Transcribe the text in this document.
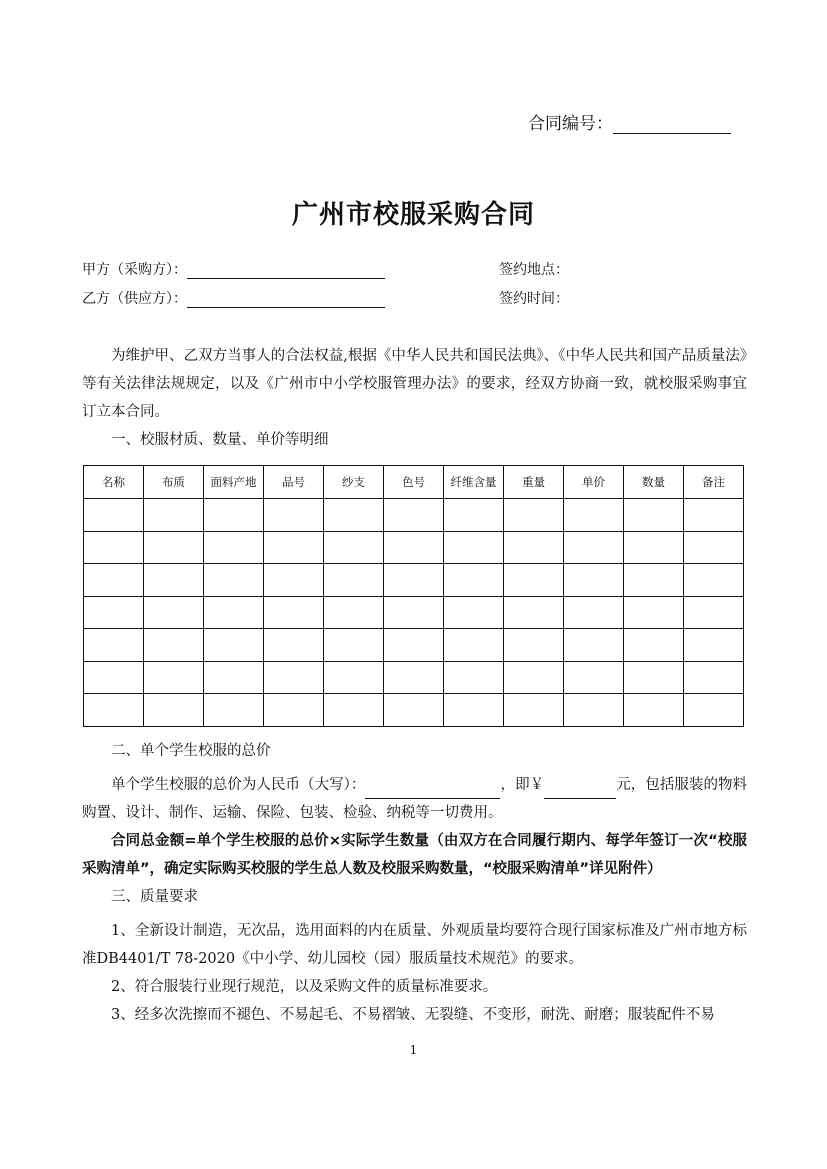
合同编号：
广州市校服采购合同
甲方（采购方）：	签约地点：
乙方（供应方）：	签约时间：

为维护甲、乙双方当事人的合法权益,根据《中华人民共和国民法典》、《中华人民共和国产品质量法》等有关法律法规规定，以及《广州市中小学校服管理办法》的要求，经双方协商一致，就校服采购事宜订立本合同。

一、校服材质、数量、单价等明细

名称	布质	面料产地	品号	纱支	色号	纤维含量	重量	单价	数量	备注

二、单个学生校服的总价

单个学生校服的总价为人民币（大写）：	，即￥	元，包括服装的物料购置、设计、制作、运输、保险、包装、检验、纳税等一切费用。

合同总金额=单个学生校服的总价×实际学生数量（由双方在合同履行期内、每学年签订一次“校服采购清单”，确定实际购买校服的学生总人数及校服采购数量，“校服采购清单”详见附件）

三、质量要求

1、全新设计制造，无次品，选用面料的内在质量、外观质量均要符合现行国家标准及广州市地方标准DB4401/T 78-2020《中小学、幼儿园校（园）服质量技术规范》的要求。

2、符合服装行业现行规范，以及采购文件的质量标准要求。

3、经多次洗擦而不褪色、不易起毛、不易褶皱、无裂缝、不变形，耐洗、耐磨；服装配件不易

1
